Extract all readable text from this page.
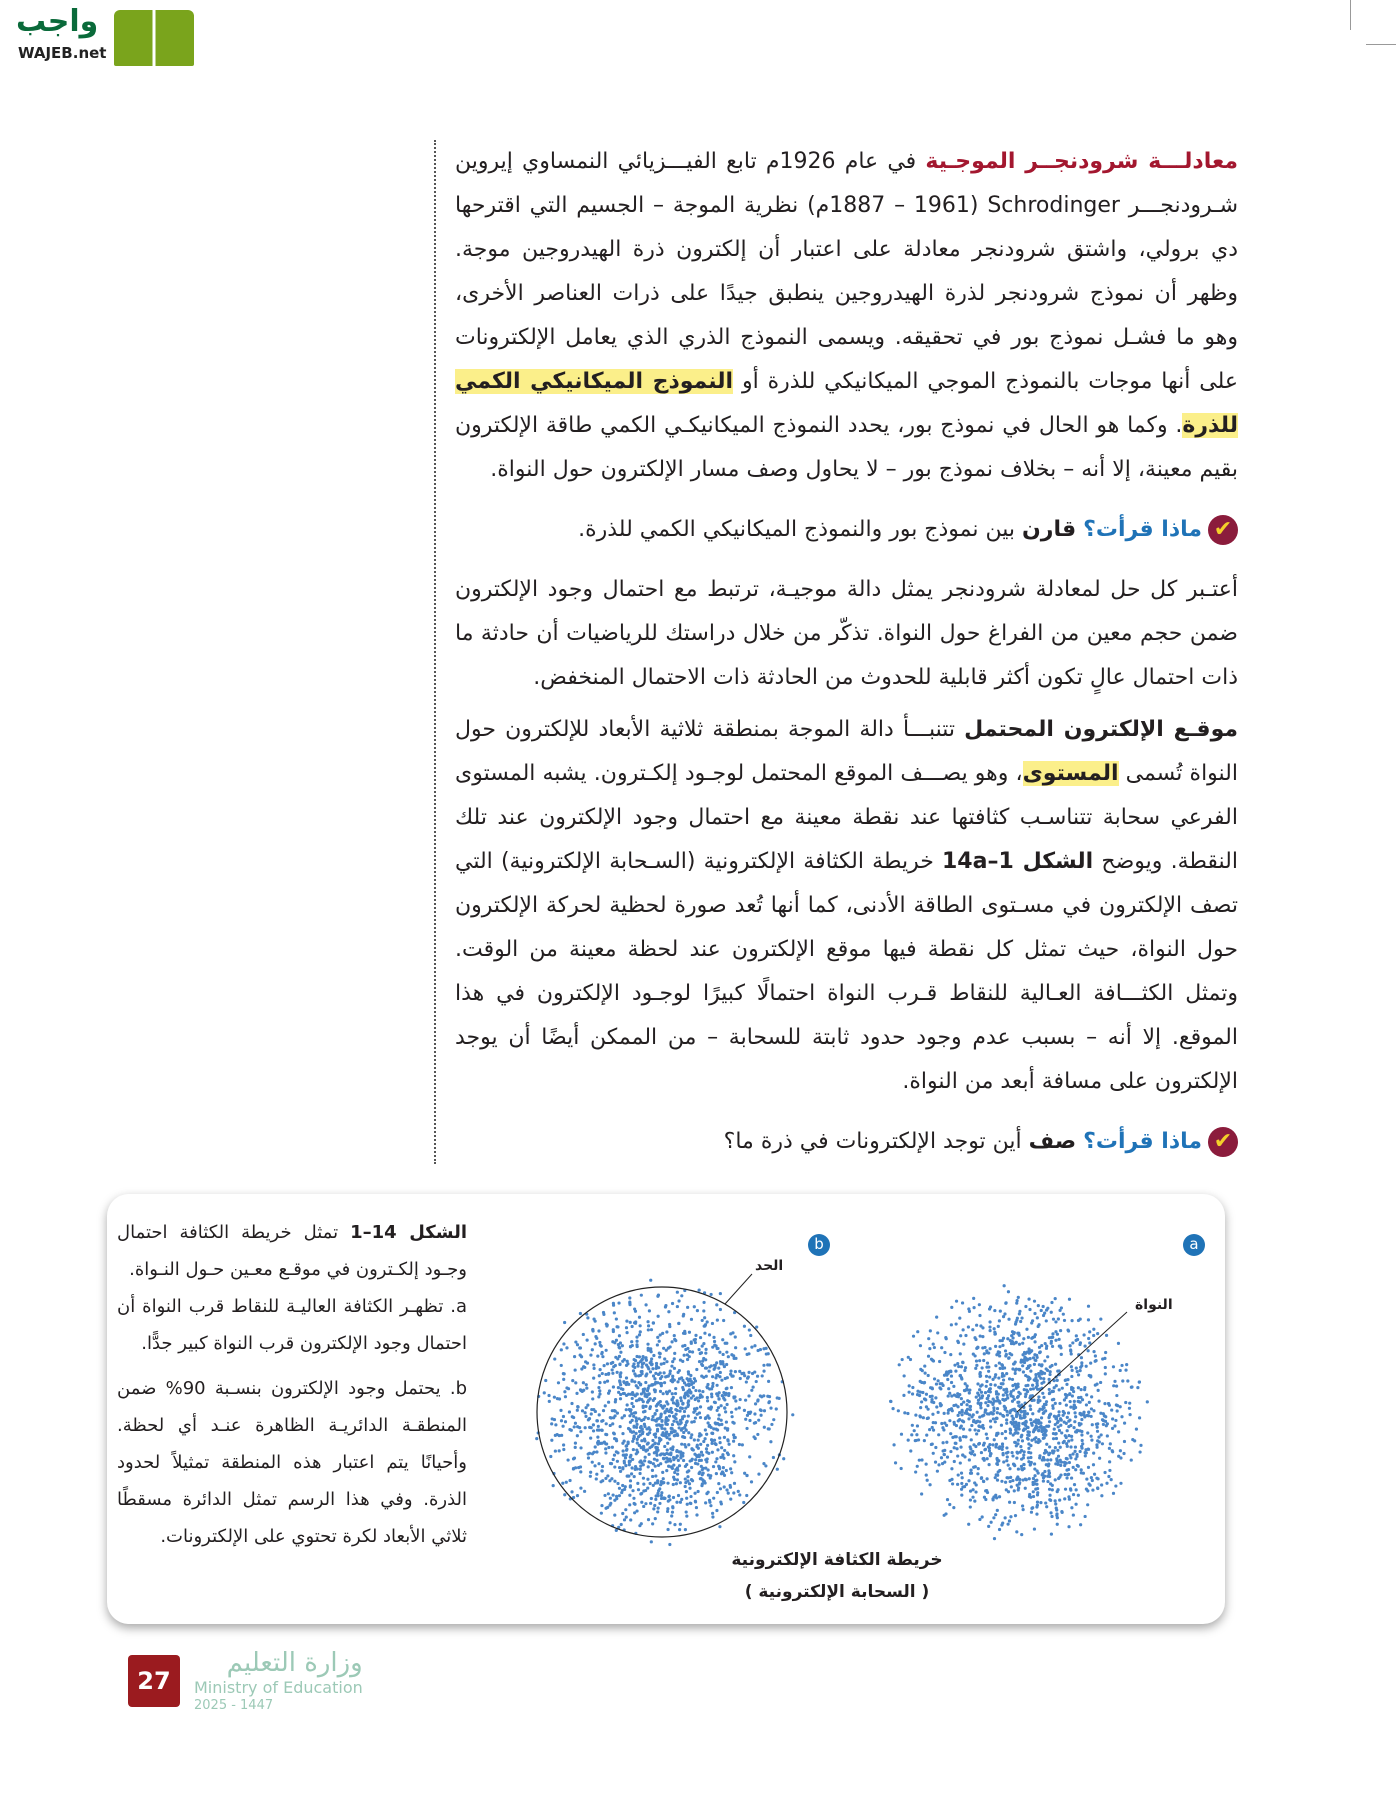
واجب
WAJEB.net

معادلـــة شرودنجــر الموجـية في عام 1926م تابع الفيـــزيائي النمساوي إيروين شـرودنجـــر Schrodinger (1887 – 1961م) نظرية الموجة – الجسيم التي اقترحها دي برولي، واشتق شرودنجر معادلة على اعتبار أن إلكترون ذرة الهيدروجين موجة. وظهر أن نموذج شرودنجر لذرة الهيدروجين ينطبق جيدًا على ذرات العناصر الأخرى، وهو ما فشـل نموذج بور في تحقيقه. ويسمى النموذج الذري الذي يعامل الإلكترونات على أنها موجات بالنموذج الموجي الميكانيكي للذرة أو النموذج الميكانيكي الكمي للذرة. وكما هو الحال في نموذج بور، يحدد النموذج الميكانيكـي الكمي طاقة الإلكترون بقيم معينة، إلا أنه – بخلاف نموذج بور – لا يحاول وصف مسار الإلكترون حول النواة.

✔ماذا قرأت؟ قارن بين نموذج بور والنموذج الميكانيكي الكمي للذرة.

أعتـبر كل حل لمعادلة شرودنجر يمثل دالة موجيـة، ترتبط مع احتمال وجود الإلكترون ضمن حجم معين من الفراغ حول النواة. تذكّر من خلال دراستك للرياضيات أن حادثة ما ذات احتمال عالٍ تكون أكثر قابلية للحدوث من الحادثة ذات الاحتمال المنخفض.

موقـع الإلكترون المحتمل تتنبـــأ دالة الموجة بمنطقة ثلاثية الأبعاد للإلكترون حول النواة تُسمى المستوى، وهو يصـــف الموقع المحتمل لوجـود إلكـترون. يشبه المستوى الفرعي سحابة تتناسـب كثافتها عند نقطة معينة مع احتمال وجود الإلكترون عند تلك النقطة. ويوضح الشكل 14a–1 خريطة الكثافة الإلكترونية (السـحابة الإلكترونية) التي تصف الإلكترون في مسـتوى الطاقة الأدنى، كما أنها تُعد صورة لحظية لحركة الإلكترون حول النواة، حيث تمثل كل نقطة فيها موقع الإلكترون عند لحظة معينة من الوقت. وتمثل الكثـــافة العـالية للنقاط قـرب النواة احتمالًا كبيرًا لوجـود الإلكترون في هذا الموقع. إلا أنه – بسبب عدم وجود حدود ثابتة للسحابة – من الممكن أيضًا أن يوجد الإلكترون على مسافة أبعد من النواة.

✔ماذا قرأت؟ صف أين توجد الإلكترونات في ذرة ما؟

الشكل 14–1 تمثل خريطة الكثافة احتمال وجـود إلكـترون في موقـع معـين حـول النـواة.

a. تظهـر الكثافة العاليـة للنقاط قرب النواة أن احتمال وجود الإلكترون قرب النواة كبير جدًّا.

b. يحتمل وجود الإلكترون بنسـبة 90% ضمن المنطقـة الدائريـة الظاهرة عنـد أي لحظة. وأحيانًا يتم اعتبار هذه المنطقة تمثيلاً لحدود الذرة. وفي هذا الرسم تمثل الدائرة مسقطًا ثلاثي الأبعاد لكرة تحتوي على الإلكترونات.

a
b
النواة
الحد
خريطة الكثافة الإلكترونية
( السحابة الإلكترونية )
27
وزارة التعليم
Ministry of Education
2025 - 1447
